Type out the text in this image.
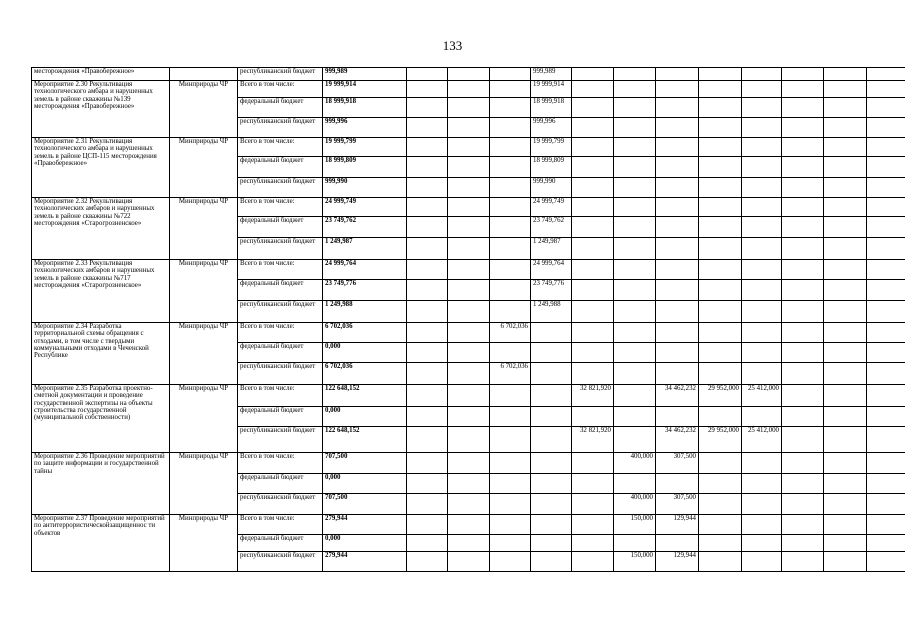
133
месторождения «Правобережное»		республиканский бюджет	999,989				999,989								
Мероприятие 2.30 Рекультивация технологического амбара и нарушенных земель в районе скважины №139 месторождения «Правобережное»	Минприроды ЧР	Всего в том числе:	19 999,914				19 999,914								
		федеральный бюджет	18 999,918				18 999,918								
		республиканский бюджет	999,996				999,996								
Мероприятие 2.31 Рекультивация технологического амбара и нарушенных земель в районе ЦСП-115 месторождения «Правобережное»	Минприроды ЧР	Всего в том числе:	19 999,799				19 999,799								
		федеральный бюджет	18 999,809				18 999,809								
		республиканский бюджет	999,990				999,990								
Мероприятие 2.32 Рекультивация технологических амбаров и нарушенных земель в районе скважины №722 месторождения «Старогрозненское»	Минприроды ЧР	Всего в том числе:	24 999,749				24 999,749								
		федеральный бюджет	23 749,762				23 749,762								
		республиканский бюджет	1 249,987				1 249,987								
Мероприятие 2.33 Рекультивация технологических амбаров и нарушенных земель в районе скважины №717 месторождения «Старогрозненское»	Минприроды ЧР	Всего в том числе:	24 999,764				24 999,764								
		федеральный бюджет	23 749,776				23 749,776								
		республиканский бюджет	1 249,988				1 249,988								
Мероприятие 2.34 Разработка территориальной схемы обращения с отходами, в том числе с твердыми коммунальными отходами в Чеченской Республике	Минприроды ЧР	Всего в том числе:	6 702,036			6 702,036									
		федеральный бюджет	0,000												
		республиканский бюджет	6 702,036			6 702,036									
Мероприятие 2.35 Разработка проектно-сметной документации и проведение государственной экспертизы на объекты строительства государственной (муниципальной собственности)	Минприроды ЧР	Всего в том числе:	122 648,152					32 821,920		34 462,232	29 952,000	25 412,000			
		федеральный бюджет	0,000												
		республиканский бюджет	122 648,152					32 821,920		34 462,232	29 952,000	25 412,000			
Мероприятие 2.36 Проведение мероприятий по защите информации и государственной тайны	Минприроды ЧР	Всего в том числе:	707,500						400,000	307,500					
		федеральный бюджет	0,000												
		республиканский бюджет	707,500						400,000	307,500					
Мероприятие 2.37 Проведение мероприятий по антитеррористическойзащищеннос ти объектов	Минприроды ЧР	Всего в том числе:	279,944						150,000	129,944					
		федеральный бюджет	0,000												
		республиканский бюджет	279,944						150,000	129,944					
